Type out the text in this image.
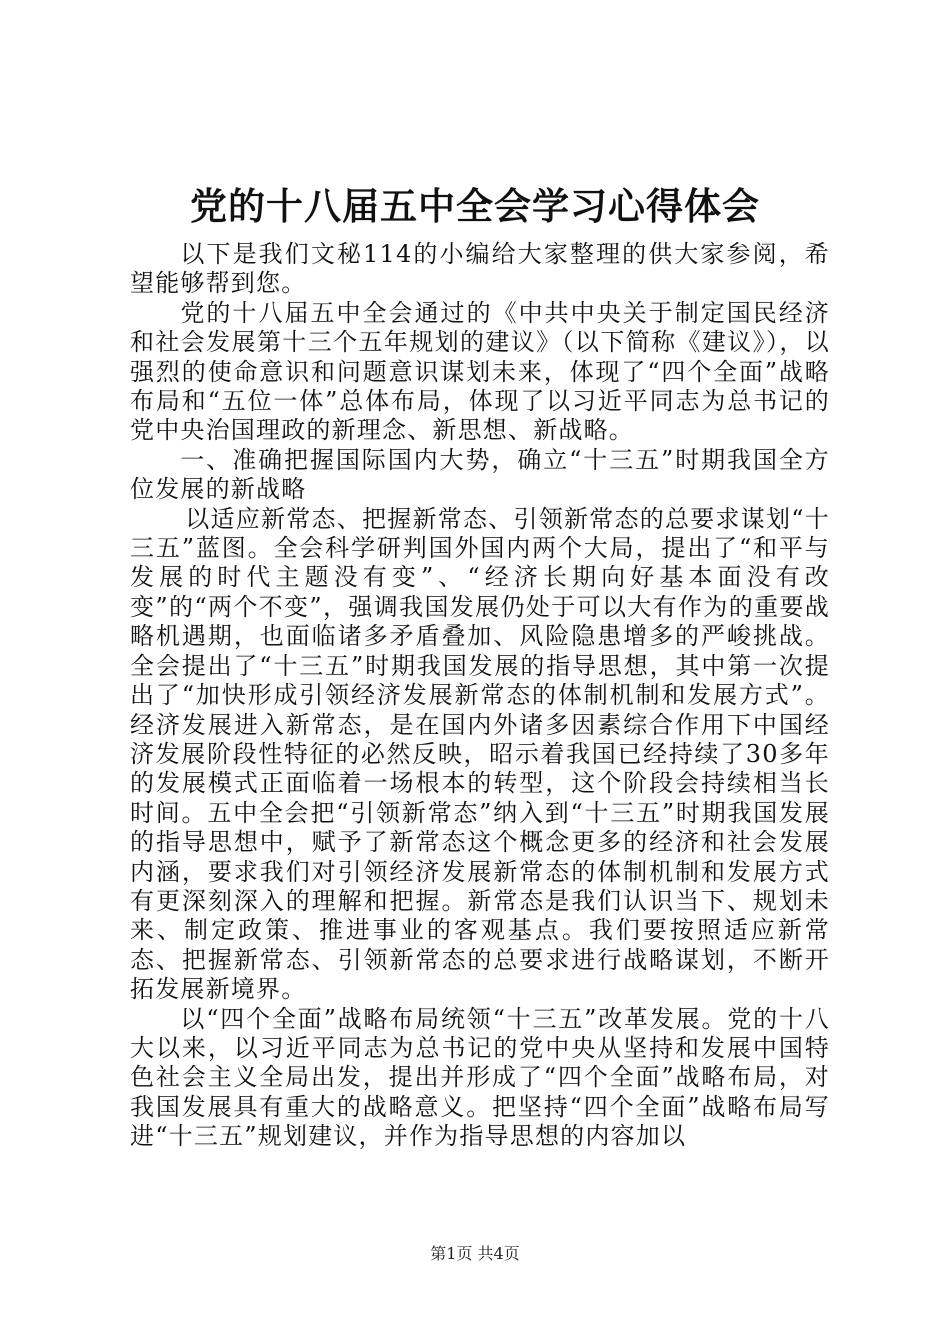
党的十八届五中全会学习心得体会

以下是我们文秘114的小编给大家整理的供大家参阅，希望能够帮到您。

党的十八届五中全会通过的《中共中央关于制定国民经济和社会发展第十三个五年规划的建议》（以下简称《建议》），以强烈的使命意识和问题意识谋划未来，体现了“四个全面”战略布局和“五位一体”总体布局，体现了以习近平同志为总书记的党中央治国理政的新理念、新思想、新战略。

一、准确把握国际国内大势，确立“十三五”时期我国全方位发展的新战略

以适应新常态、把握新常态、引领新常态的总要求谋划“十三五”蓝图。全会科学研判国外国内两个大局，提出了“和平与发展的时代主题没有变”、“经济长期向好基本面没有改变”的“两个不变”，强调我国发展仍处于可以大有作为的重要战略机遇期，也面临诸多矛盾叠加、风险隐患增多的严峻挑战。全会提出了“十三五”时期我国发展的指导思想，其中第一次提出了“加快形成引领经济发展新常态的体制机制和发展方式”。经济发展进入新常态，是在国内外诸多因素综合作用下中国经济发展阶段性特征的必然反映，昭示着我国已经持续了30多年的发展模式正面临着一场根本的转型，这个阶段会持续相当长时间。五中全会把“引领新常态”纳入到“十三五”时期我国发展的指导思想中，赋予了新常态这个概念更多的经济和社会发展内涵，要求我们对引领经济发展新常态的体制机制和发展方式有更深刻深入的理解和把握。新常态是我们认识当下、规划未来、制定政策、推进事业的客观基点。我们要按照适应新常态、把握新常态、引领新常态的总要求进行战略谋划，不断开拓发展新境界。

以“四个全面”战略布局统领“十三五”改革发展。党的十八大以来，以习近平同志为总书记的党中央从坚持和发展中国特色社会主义全局出发，提出并形成了“四个全面”战略布局，对我国发展具有重大的战略意义。把坚持“四个全面”战略布局写进“十三五”规划建议，并作为指导思想的内容加以

第1页 共4页
